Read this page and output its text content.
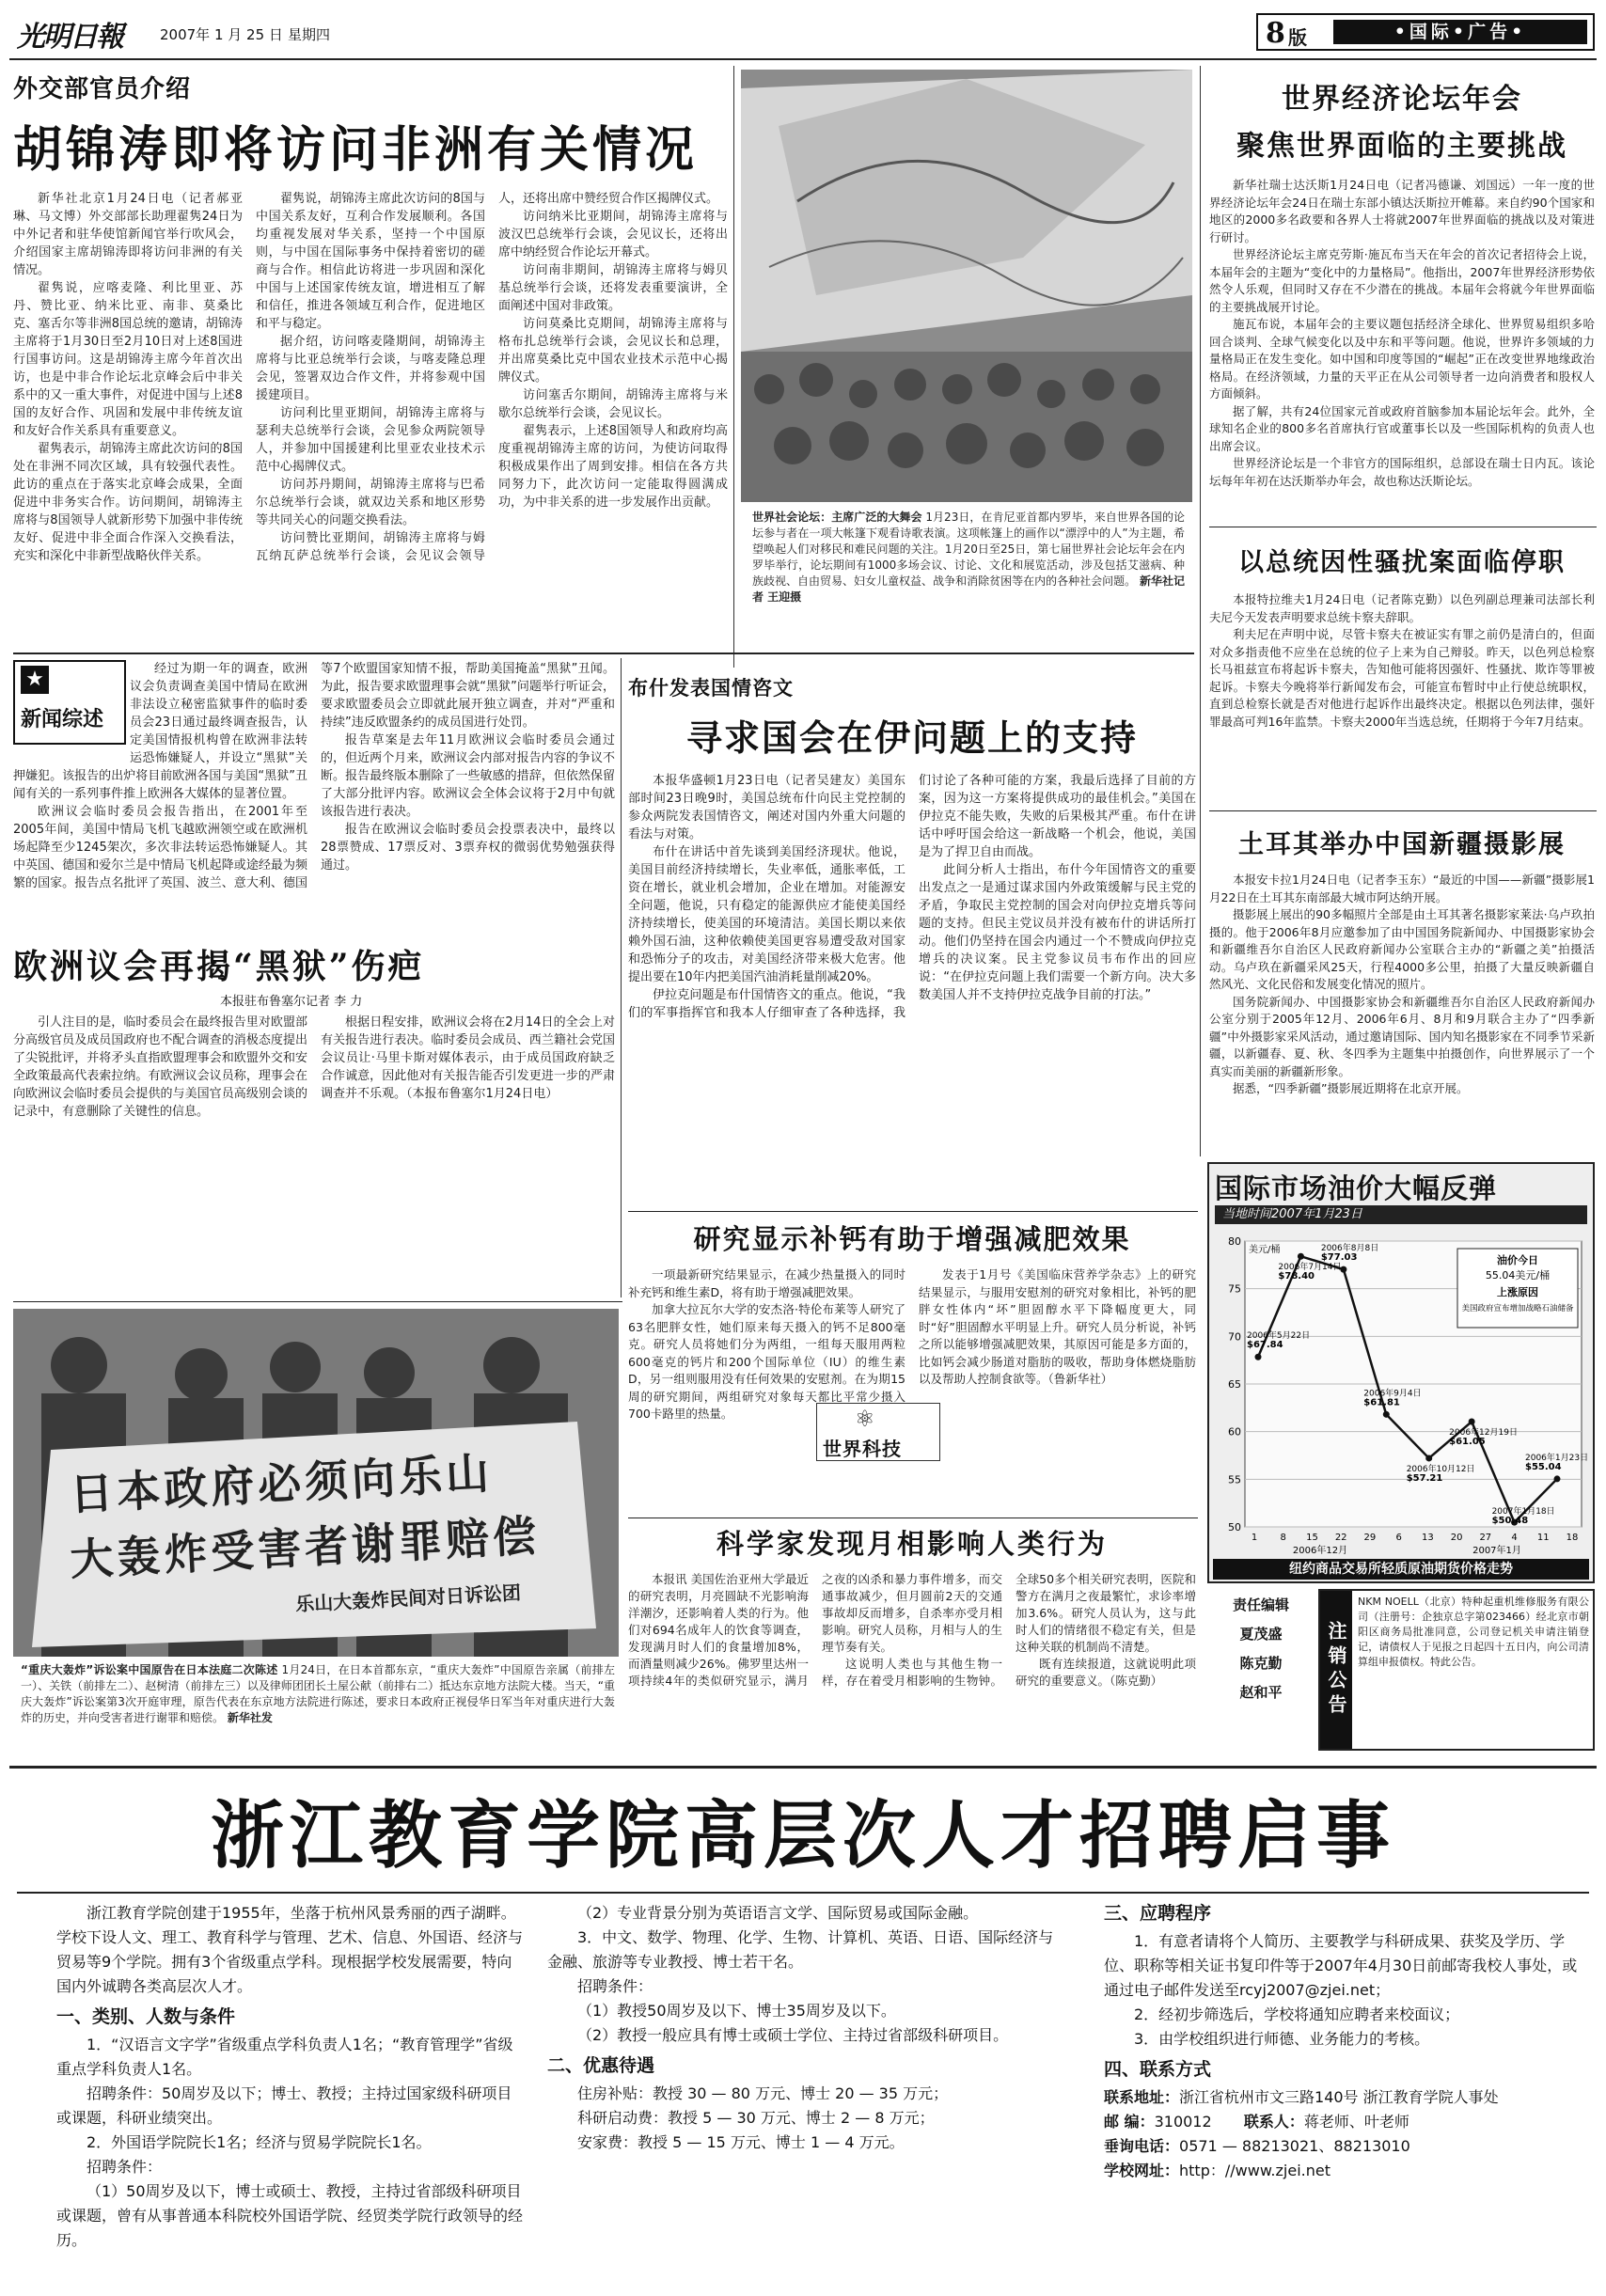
光明日報	2007年 1 月 25 日 星期四	8 版	•国际•广告•
外交部官员介绍
胡锦涛即将访问非洲有关情况

新华社北京1月24日电（记者郝亚琳、马文博）外交部部长助理翟隽24日为中外记者和驻华使馆新闻官举行吹风会，介绍国家主席胡锦涛即将访问非洲的有关情况。

翟隽说，应喀麦隆、利比里亚、苏丹、赞比亚、纳米比亚、南非、莫桑比克、塞舌尔等非洲8国总统的邀请，胡锦涛主席将于1月30日至2月10日对上述8国进行国事访问。这是胡锦涛主席今年首次出访，也是中非合作论坛北京峰会后中非关系中的又一重大事件，对促进中国与上述8国的友好合作、巩固和发展中非传统友谊和友好合作关系具有重要意义。

翟隽表示，胡锦涛主席此次访问的8国处在非洲不同次区域，具有较强代表性。此访的重点在于落实北京峰会成果，全面促进中非务实合作。访问期间，胡锦涛主席将与8国领导人就新形势下加强中非传统友好、促进中非全面合作深入交换看法，充实和深化中非新型战略伙伴关系。

翟隽说，胡锦涛主席此次访问的8国与中国关系友好，互利合作发展顺利。各国均重视发展对华关系，坚持一个中国原则，与中国在国际事务中保持着密切的磋商与合作。相信此访将进一步巩固和深化中国与上述国家传统友谊，增进相互了解和信任，推进各领域互利合作，促进地区和平与稳定。

据介绍，访问喀麦隆期间，胡锦涛主席将与比亚总统举行会谈，与喀麦隆总理会见，签署双边合作文件，并将参观中国援建项目。

访问利比里亚期间，胡锦涛主席将与瑟利夫总统举行会谈，会见参众两院领导人，并参加中国援建利比里亚农业技术示范中心揭牌仪式。

访问苏丹期间，胡锦涛主席将与巴希尔总统举行会谈，就双边关系和地区形势等共同关心的问题交换看法。

访问赞比亚期间，胡锦涛主席将与姆瓦纳瓦萨总统举行会谈，会见议会领导人，还将出席中赞经贸合作区揭牌仪式。

访问纳米比亚期间，胡锦涛主席将与波汉巴总统举行会谈，会见议长，还将出席中纳经贸合作论坛开幕式。

访问南非期间，胡锦涛主席将与姆贝基总统举行会谈，还将发表重要演讲，全面阐述中国对非政策。

访问莫桑比克期间，胡锦涛主席将与格布扎总统举行会谈，会见议长和总理，并出席莫桑比克中国农业技术示范中心揭牌仪式。

访问塞舌尔期间，胡锦涛主席将与米歇尔总统举行会谈，会见议长。

翟隽表示，上述8国领导人和政府均高度重视胡锦涛主席的访问，为使访问取得积极成果作出了周到安排。相信在各方共同努力下，此次访问一定能取得圆满成功，为中非关系的进一步发展作出贡献。

世界社会论坛：主席广泛的大舞会 1月23日，在肯尼亚首都内罗毕，来自世界各国的论坛参与者在一项大帐篷下观看诗歌表演。这项帐篷上的画作以“漂浮中的人”为主题，希望唤起人们对移民和难民问题的关注。1月20日至25日，第七届世界社会论坛年会在内罗毕举行，论坛期间有1000多场会议、讨论、文化和展览活动，涉及包括艾滋病、种族歧视、自由贸易、妇女儿童权益、战争和消除贫困等在内的各种社会问题。 新华社记者 王迎摄
世界经济论坛年会
聚焦世界面临的主要挑战

新华社瑞士达沃斯1月24日电（记者冯德谦、刘国远）一年一度的世界经济论坛年会24日在瑞士东部小镇达沃斯拉开帷幕。来自约90个国家和地区的2000多名政要和各界人士将就2007年世界面临的挑战以及对策进行研讨。

世界经济论坛主席克劳斯·施瓦布当天在年会的首次记者招待会上说，本届年会的主题为“变化中的力量格局”。他指出，2007年世界经济形势依然令人乐观，但同时又存在不少潜在的挑战。本届年会将就今年世界面临的主要挑战展开讨论。

施瓦布说，本届年会的主要议题包括经济全球化、世界贸易组织多哈回合谈判、全球气候变化以及中东和平等问题。他说，世界许多领域的力量格局正在发生变化。如中国和印度等国的“崛起”正在改变世界地缘政治格局。在经济领域，力量的天平正在从公司领导者一边向消费者和股权人方面倾斜。

据了解，共有24位国家元首或政府首脑参加本届论坛年会。此外，全球知名企业的800多名首席执行官或董事长以及一些国际机构的负责人也出席会议。

世界经济论坛是一个非官方的国际组织，总部设在瑞士日内瓦。该论坛每年年初在达沃斯举办年会，故也称达沃斯论坛。

以总统因性骚扰案面临停职

本报特拉维夫1月24日电（记者陈克勤）以色列副总理兼司法部长利夫尼今天发表声明要求总统卡察夫辞职。

利夫尼在声明中说，尽管卡察夫在被证实有罪之前仍是清白的，但面对众多指责他不应坐在总统的位子上来为自己辩驳。昨天，以色列总检察长马祖兹宣布将起诉卡察夫，告知他可能将因强奸、性骚扰、欺诈等罪被起诉。卡察夫今晚将举行新闻发布会，可能宣布暂时中止行使总统职权，直到总检察长就是否对他进行起诉作出最终决定。根据以色列法律，强奸罪最高可判16年监禁。卡察夫2000年当选总统，任期将于今年7月结束。

土耳其举办中国新疆摄影展

本报安卡拉1月24日电（记者李玉东）“最近的中国——新疆”摄影展1月22日在土耳其东南部最大城市阿达纳开展。

摄影展上展出的90多幅照片全部是由土耳其著名摄影家莱法·乌卢玖拍摄的。他于2006年8月应邀参加了由中国国务院新闻办、中国摄影家协会和新疆维吾尔自治区人民政府新闻办公室联合主办的“新疆之美”拍摄活动。乌卢玖在新疆采风25天，行程4000多公里，拍摄了大量反映新疆自然风光、文化民俗和发展变化情况的照片。

国务院新闻办、中国摄影家协会和新疆维吾尔自治区人民政府新闻办公室分别于2005年12月、2006年6月、8月和9月联合主办了“四季新疆”中外摄影家采风活动，通过邀请国际、国内知名摄影家在不同季节采新疆，以新疆春、夏、秋、冬四季为主题集中拍摄创作，向世界展示了一个真实而美丽的新疆新形象。

据悉，“四季新疆”摄影展近期将在北京开展。

★
新闻综述

经过为期一年的调查，欧洲议会负责调查美国中情局在欧洲非法设立秘密监狱事件的临时委员会23日通过最终调查报告，认定美国情报机构曾在欧洲非法转运恐怖嫌疑人，并设立“黑狱”关押嫌犯。该报告的出炉将目前欧洲各国与美国“黑狱”丑闻有关的一系列事件推上欧洲各大媒体的显著位置。

欧洲议会临时委员会报告指出，在2001年至2005年间，美国中情局飞机飞越欧洲领空或在欧洲机场起降至少1245架次，多次非法转运恐怖嫌疑人。其中英国、德国和爱尔兰是中情局飞机起降或途经最为频繁的国家。报告点名批评了英国、波兰、意大利、德国等7个欧盟国家知情不报，帮助美国掩盖“黑狱”丑闻。为此，报告要求欧盟理事会就“黑狱”问题举行听证会，要求欧盟委员会立即就此展开独立调查，并对“严重和持续”违反欧盟条约的成员国进行处罚。

报告草案是去年11月欧洲议会临时委员会通过的，但近两个月来，欧洲议会内部对报告内容的争议不断。报告最终版本删除了一些敏感的措辞，但依然保留了大部分批评内容。欧洲议会全体会议将于2月中旬就该报告进行表决。

报告在欧洲议会临时委员会投票表决中，最终以28票赞成、17票反对、3票弃权的微弱优势勉强获得通过。

欧洲议会再揭“黑狱”伤疤
本报驻布鲁塞尔记者 李 力

引人注目的是，临时委员会在最终报告里对欧盟部分高级官员及成员国政府也不配合调查的消极态度提出了尖锐批评，并将矛头直指欧盟理事会和欧盟外交和安全政策最高代表索拉纳。有欧洲议会议员称，理事会在向欧洲议会临时委员会提供的与美国官员高级别会谈的记录中，有意删除了关键性的信息。

根据日程安排，欧洲议会将在2月14日的全会上对有关报告进行表决。临时委员会成员、西兰籍社会党国会议员让·马里卡斯对媒体表示，由于成员国政府缺乏合作诚意，因此他对有关报告能否引发更进一步的严肃调查并不乐观。（本报布鲁塞尔1月24日电）

布什发表国情咨文
寻求国会在伊问题上的支持

本报华盛顿1月23日电（记者吴建友）美国东部时间23日晚9时，美国总统布什向民主党控制的参众两院发表国情咨文，阐述对国内外重大问题的看法与对策。

布什在讲话中首先谈到美国经济现状。他说，美国目前经济持续增长，失业率低，通胀率低，工资在增长，就业机会增加，企业在增加。对能源安全问题，他说，只有稳定的能源供应才能使美国经济持续增长，使美国的环境清洁。美国长期以来依赖外国石油，这种依赖使美国更容易遭受敌对国家和恐怖分子的攻击，对美国经济带来极大危害。他提出要在10年内把美国汽油消耗量削减20%。

伊拉克问题是布什国情咨文的重点。他说，“我们的军事指挥官和我本人仔细审查了各种选择，我们讨论了各种可能的方案，我最后选择了目前的方案，因为这一方案将提供成功的最佳机会。”美国在伊拉克不能失败，失败的后果极其严重。布什在讲话中呼吁国会给这一新战略一个机会，他说，美国是为了捍卫自由而战。

此间分析人士指出，布什今年国情咨文的重要出发点之一是通过谋求国内外政策缓解与民主党的矛盾，争取民主党控制的国会对向伊拉克增兵等问题的支持。但民主党议员并没有被布什的讲话所打动。他们仍坚持在国会内通过一个不赞成向伊拉克增兵的决议案。民主党参议员韦布作出的回应说：“在伊拉克问题上我们需要一个新方向。决大多数美国人并不支持伊拉克战争目前的打法。”

国际市场油价大幅反弹
当地时间2007年1月23日
80
75
70
65
60
55
50
美元/桶
1 8 15 22 29 6 13 20 27 4 11 18
2006年12月	2007年1月
2006年8月8日
$77.03
2006年7月14日
$78.40
2006年5月22日
$67.84
2006年10月12日
$57.21
2006年9月4日
$61.81
2006年12月19日
$61.05
2006年1月23日
$55.04
2007年1月18日
$50.48
油价今日
55.04美元/桶
上涨原因
美国政府宣布增加战略石油储备
纽约商品交易所轻质原油期货价格走势
研究显示补钙有助于增强减肥效果

一项最新研究结果显示，在减少热量摄入的同时补充钙和维生素D，将有助于增强减肥效果。

加拿大拉瓦尔大学的安杰洛·特伦布莱等人研究了63名肥胖女性，她们原来每天摄入的钙不足800毫克。研究人员将她们分为两组，一组每天服用两粒600毫克的钙片和200个国际单位（IU）的维生素D，另一组则服用没有任何效果的安慰剂。在为期15周的研究期间，两组研究对象每天都比平常少摄入700卡路里的热量。

发表于1月号《美国临床营养学杂志》上的研究结果显示，与服用安慰剂的研究对象相比，补钙的肥胖女性体内“坏”胆固醇水平下降幅度更大，同时“好”胆固醇水平明显上升。研究人员分析说，补钙之所以能够增强减肥效果，其原因可能是多方面的，比如钙会减少肠道对脂肪的吸收，帮助身体燃烧脂肪以及帮助人控制食欲等。（鲁新华社）

⚛
世界科技
科学家发现月相影响人类行为

本报讯 美国佐治亚州大学最近的研究表明，月亮圆缺不光影响海洋潮汐，还影响着人类的行为。他们对694名成年人的饮食等调查，发现满月时人们的食量增加8%，而酒量则减少26%。佛罗里达州一项持续4年的类似研究显示，满月之夜的凶杀和暴力事件增多，而交通事故减少，但月圆前2天的交通事故却反而增多，自杀率亦受月相影响。研究人员称，月相与人的生理节奏有关。

这说明人类也与其他生物一样，存在着受月相影响的生物钟。全球50多个相关研究表明，医院和警方在满月之夜最繁忙，求诊率增加3.6%。研究人员认为，这与此时人们的情绪很不稳定有关，但是这种关联的机制尚不清楚。

既有连续报道，这就说明此项研究的重要意义。（陈克勤）

日本政府必须向乐山
大轰炸受害者谢罪赔偿
乐山大轰炸民间对日诉讼团
“重庆大轰炸”诉讼案中国原告在日本法庭二次陈述 1月24日，在日本首都东京，“重庆大轰炸”中国原告亲属（前排左一）、关铁（前排左二）、赵树清（前排左三）以及律师团团长土屋公献（前排右二）抵达东京地方法院大楼。当天，“重庆大轰炸”诉讼案第3次开庭审理，原告代表在东京地方法院进行陈述，要求日本政府正视侵华日军当年对重庆进行大轰炸的历史，并向受害者进行谢罪和赔偿。 新华社发
责任编辑
夏茂盛
陈克勤
赵和平	注销公告
NKM NOELL（北京）特种起重机维修服务有限公司（注册号：企独京总字第023466）经北京市朝阳区商务局批准同意，公司登记机关申请注销登记，请债权人于见报之日起四十五日内，向公司清算组申报债权。特此公告。
浙江教育学院高层次人才招聘启事

浙江教育学院创建于1955年，坐落于杭州风景秀丽的西子湖畔。学校下设人文、理工、教育科学与管理、艺术、信息、外国语、经济与贸易等9个学院。拥有3个省级重点学科。现根据学校发展需要，特向国内外诚聘各类高层次人才。

一、类别、人数与条件

1．“汉语言文字学”省级重点学科负责人1名；“教育管理学”省级重点学科负责人1名。

招聘条件：50周岁及以下；博士、教授；主持过国家级科研项目或课题，科研业绩突出。

2．外国语学院院长1名；经济与贸易学院院长1名。

招聘条件：

（1）50周岁及以下，博士或硕士、教授，主持过省部级科研项目或课题，曾有从事普通本科院校外国语学院、经贸类学院行政领导的经历。

（2）专业背景分别为英语语言文学、国际贸易或国际金融。

3．中文、数学、物理、化学、生物、计算机、英语、日语、国际经济与金融、旅游等专业教授、博士若干名。

招聘条件：

（1）教授50周岁及以下、博士35周岁及以下。

（2）教授一般应具有博士或硕士学位、主持过省部级科研项目。

二、优惠待遇

住房补贴：教授 30 — 80 万元、博士 20 — 35 万元；

科研启动费：教授 5 — 30 万元、博士 2 — 8 万元；

安家费：教授 5 — 15 万元、博士 1 — 4 万元。

三、应聘程序

1．有意者请将个人简历、主要教学与科研成果、获奖及学历、学位、职称等相关证书复印件等于2007年4月30日前邮寄我校人事处，或通过电子邮件发送至rcyj2007@zjei.net；

2．经初步筛选后，学校将通知应聘者来校面议；

3．由学校组织进行师德、业务能力的考核。

四、联系方式

联系地址：浙江省杭州市文三路140号 浙江教育学院人事处

邮 编：310012 联系人：蒋老师、叶老师

垂询电话：0571 — 88213021、88213010

学校网址：http：//www.zjei.net
